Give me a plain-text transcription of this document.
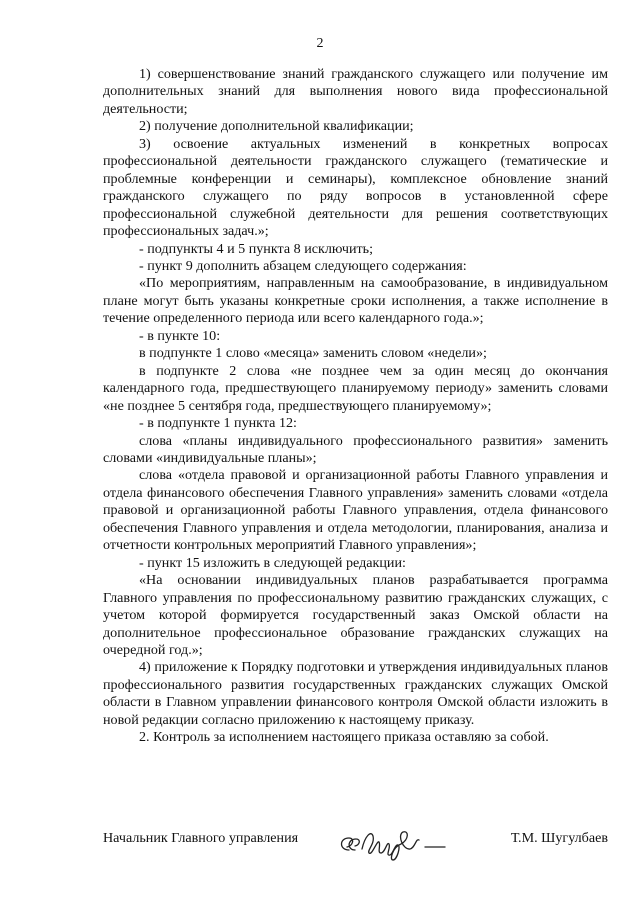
2

1) совершенствование знаний гражданского служащего или получение им дополнительных знаний для выполнения нового вида профессиональной деятельности;

2) получение дополнительной квалификации;

3) освоение актуальных изменений в конкретных вопросах профессиональной деятельности гражданского служащего (тематические и проблемные конференции и семинары), комплексное обновление знаний гражданского служащего по ряду вопросов в установленной сфере профессиональной служебной деятельности для решения соответствующих профессиональных задач.»;

- подпункты 4 и 5 пункта 8 исключить;

- пункт 9 дополнить абзацем следующего содержания:

«По мероприятиям, направленным на самообразование, в индивидуальном плане могут быть указаны конкретные сроки исполнения, а также исполнение в течение определенного периода или всего календарного года.»;

- в пункте 10:

в подпункте 1 слово «месяца» заменить словом «недели»;

в подпункте 2 слова «не позднее чем за один месяц до окончания календарного года, предшествующего планируемому периоду» заменить словами «не позднее 5 сентября года, предшествующего планируемому»;

- в подпункте 1 пункта 12:

слова «планы индивидуального профессионального развития» заменить словами «индивидуальные планы»;

слова «отдела правовой и организационной работы Главного управления и отдела финансового обеспечения Главного управления» заменить словами «отдела правовой и организационной работы Главного управления, отдела финансового обеспечения Главного управления и отдела методологии, планирования, анализа и отчетности контрольных мероприятий Главного управления»;

- пункт 15 изложить в следующей редакции:

«На основании индивидуальных планов разрабатывается программа Главного управления по профессиональному развитию гражданских служащих, с учетом которой формируется государственный заказ Омской области на дополнительное профессиональное образование гражданских служащих на очередной год.»;

4) приложение к Порядку подготовки и утверждения индивидуальных планов профессионального развития государственных гражданских служащих Омской области в Главном управлении финансового контроля Омской области изложить в новой редакции согласно приложению к настоящему приказу.

2. Контроль за исполнением настоящего приказа оставляю за собой.

Начальник Главного управления	Т.М. Шугулбаев
